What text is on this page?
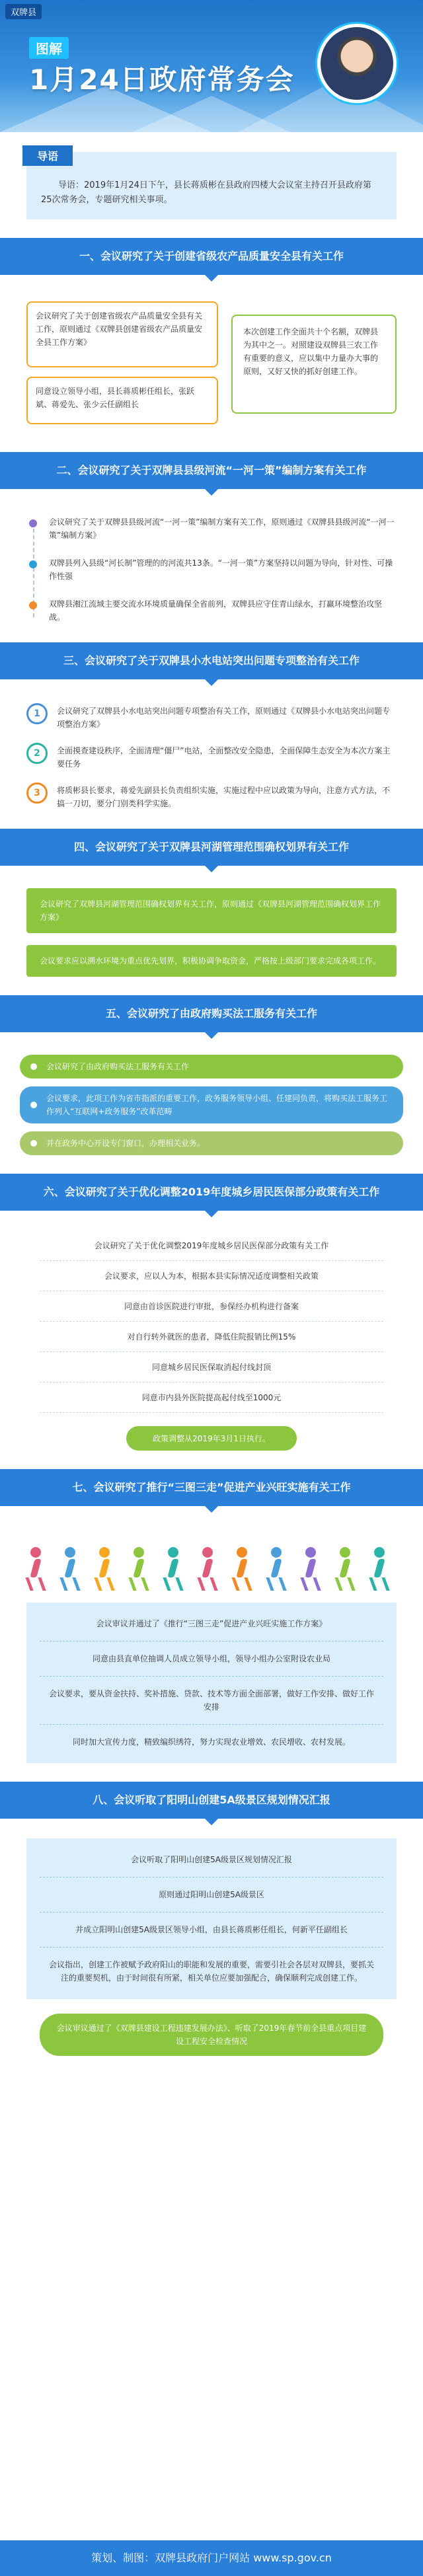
双牌县
图解
1月24日政府常务会
导语

导语：2019年1月24日下午，县长蒋质彬在县政府四楼大会议室主持召开县政府第25次常务会，专题研究相关事项。

一、会议研究了关于创建省级农产品质量安全县有关工作
会议研究了关于创建省级农产品质量安全县有关工作，原则通过《双牌县创建省级农产品质量安全县工作方案》
同意设立领导小组，县长蒋质彬任组长，张跃斌、蒋爱先、张少云任副组长
本次创建工作全面共十个名额，双牌县为其中之一。对照建设双牌县三农工作有重要的意义，应以集中力量办大事的原则，又好又快的抓好创建工作。
二、会议研究了关于双牌县县级河流“一河一策”编制方案有关工作
会议研究了关于双牌县县级河流“一河一策”编制方案有关工作，原则通过《双牌县县级河流“一河一策”编制方案》
双牌县列入县级“河长制”管理的的河流共13条。“一河一策”方案坚持以问题为导向，针对性、可操作性强
双牌县湘江流域主要交流水环境质量确保全省前列，双牌县应守住青山绿水，打赢环境整治攻坚战。
三、会议研究了关于双牌县小水电站突出问题专项整治有关工作
1	会议研究了双牌县小水电站突出问题专项整治有关工作，原则通过《双牌县小水电站突出问题专项整治方案》
2	全面摸查建设秩序，全面清理“僵尸”电站，全面整改安全隐患，全面保障生态安全为本次方案主要任务
3	将质彬县长要求，蒋爱先副县长负责组织实施，实施过程中应以政策为导向，注意方式方法，不搞一刀切，要分门别类科学实施。
四、会议研究了关于双牌县河湖管理范围确权划界有关工作
会议研究了双牌县河湖管理范围确权划界有关工作，原则通过《双牌县河湖管理范围确权划界工作方案》
会议要求应以溯水环境为重点优先划界，积极协调争取资金，严格按上级部门要求完成各项工作。
五、会议研究了由政府购买法工服务有关工作
会议研究了由政府购买法工服务有关工作
会议要求，此项工作为省市指派的重要工作，政务服务领导小组、任建同负责，将购买法工服务工作列入“互联网+政务服务”改革范畴
并在政务中心开设专门窗口，办理相关业务。
六、会议研究了关于优化调整2019年度城乡居民医保部分政策有关工作
会议研究了关于优化调整2019年度城乡居民医保部分政策有关工作
会议要求，应以人为本，根据本县实际情况适度调整相关政策
同意由首诊医院进行审批，参保经办机构进行备案
对自行转外就医的患者，降低住院报销比例15%
同意城乡居民医保取消起付线封顶
同意市内县外医院提高起付线至1000元
政策调整从2019年3月1日执行。
七、会议研究了推行“三图三走”促进产业兴旺实施有关工作
会议审议并通过了《推行“三图三走”促进产业兴旺实施工作方案》
同意由县直单位抽调人员成立领导小组，领导小组办公室附设农业局
会议要求，要从资金扶持、奖补措施、贷款、技术等方面全面部署，做好工作安排、做好工作安排
同时加大宣传力度，精致编织绣符，努力实现农业增效、农民增收、农村发展。
八、会议听取了阳明山创建5A级景区规划情况汇报
会议听取了阳明山创建5A级景区规划情况汇报
原则通过阳明山创建5A级景区
并成立阳明山创建5A级景区领导小组，由县长蒋质彬任组长，何新平任副组长
会议指出，创建工作被赋予政府阳山的职能和发展的重要，需要引社会各层对双牌县，要抓关注的重要契机，由于时间很有所紧，相关单位应要加强配合，确保顺利完成创建工作。
会议审议通过了《双牌县建设工程违建发展办法》、听取了2019年春节前全县重点项目建设工程安全检查情况
策划、制图：双牌县政府门户网站 www.sp.gov.cn
